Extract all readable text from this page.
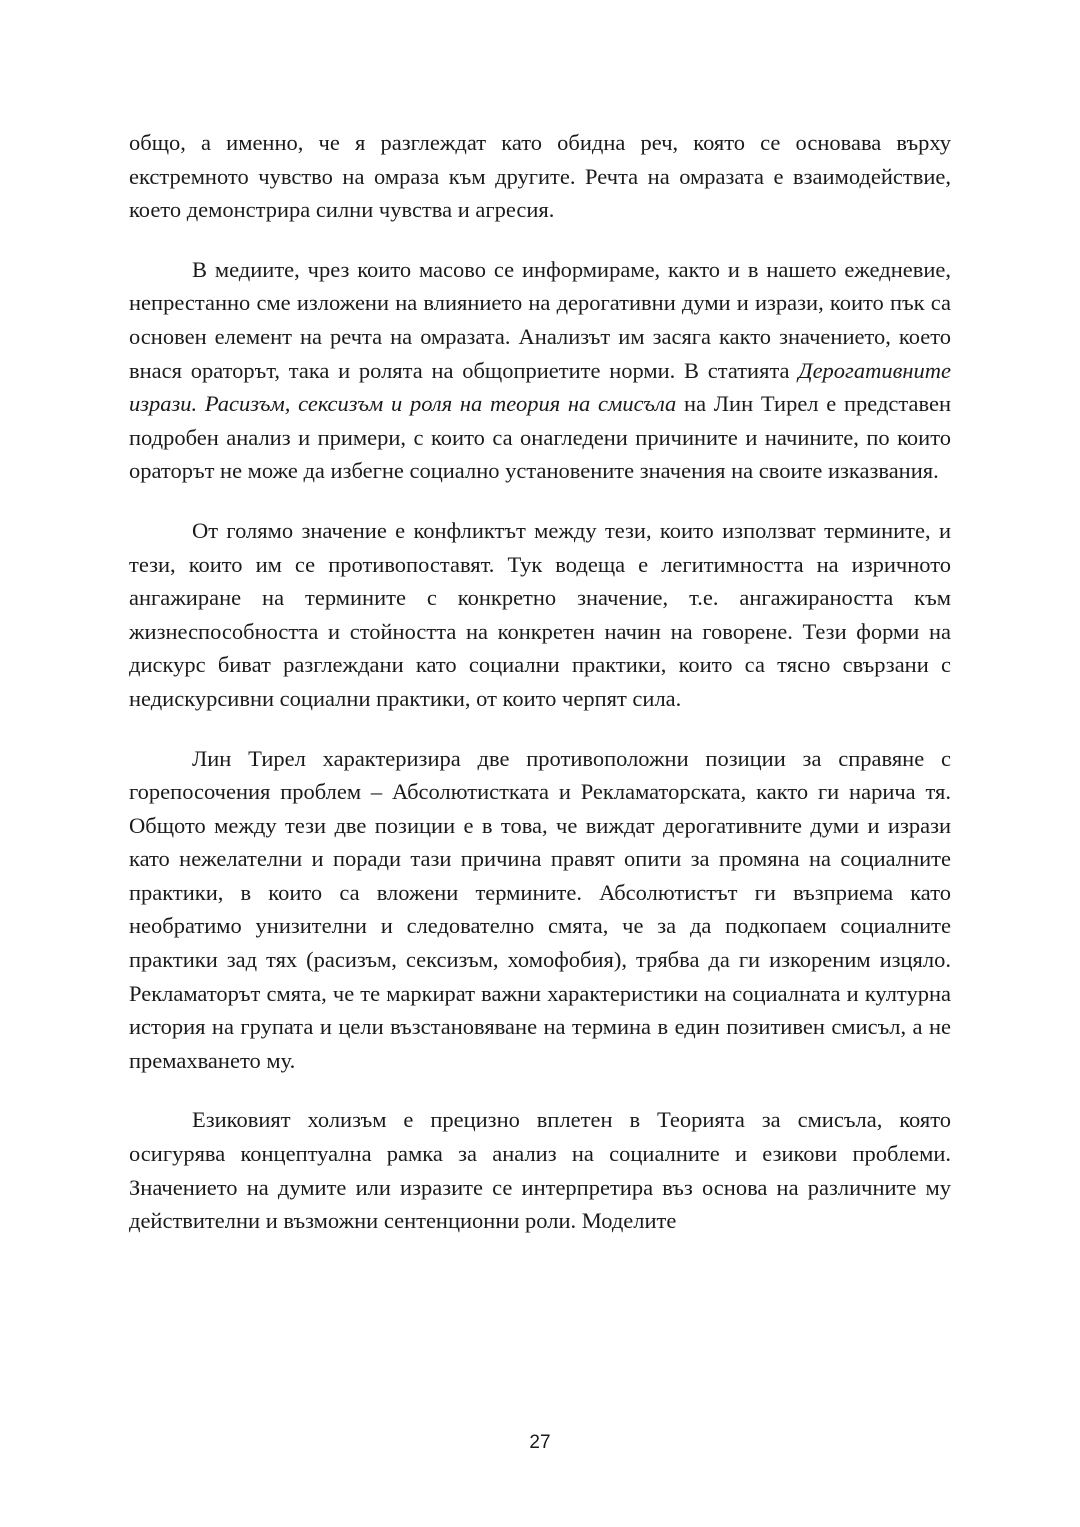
общо, а именно, че я разглеждат като обидна реч, която се основава върху екстремното чувство на омраза към другите. Речта на омразата е взаимодействие, което демонстрира силни чувства и агресия.

В медиите, чрез които масово се информираме, както и в нашето ежедневие, непрестанно сме изложени на влиянието на дерогативни думи и изрази, които пък са основен елемент на речта на омразата. Анализът им засяга както значението, което внася ораторът, така и ролята на общоприетите норми. В статията Дерогативните изрази. Расизъм, сексизъм и роля на теория на смисъла на Лин Тирел е представен подробен анализ и примери, с които са онагледени причините и начините, по които ораторът не може да избегне социално установените значения на своите изказвания.

От голямо значение е конфликтът между тези, които използват термините, и тези, които им се противопоставят. Тук водеща е легитимността на изричното ангажиране на термините с конкретно значение, т.е. ангажираността към жизнеспособността и стойността на конкретен начин на говорене. Тези форми на дискурс биват разглеждани като социални практики, които са тясно свързани с недискурсивни социални практики, от които черпят сила.

Лин Тирел характеризира две противоположни позиции за справяне с горепосочения проблем – Абсолютистката и Рекламаторската, както ги нарича тя. Общото между тези две позиции е в това, че виждат дерогативните думи и изрази като нежелателни и поради тази причина правят опити за промяна на социалните практики, в които са вложени термините. Абсолютистът ги възприема като необратимо унизителни и следователно смята, че за да подкопаем социалните практики зад тях (расизъм, сексизъм, хомофобия), трябва да ги изкореним изцяло. Рекламаторът смята, че те маркират важни характеристики на социалната и културна история на групата и цели възстановяване на термина в един позитивен смисъл, а не премахването му.

Езиковият холизъм е прецизно вплетен в Теорията за смисъла, която осигурява концептуална рамка за анализ на социалните и езикови проблеми. Значението на думите или изразите се интерпретира въз основа на различните му действителни и възможни сентенционни роли. Моделите

27
